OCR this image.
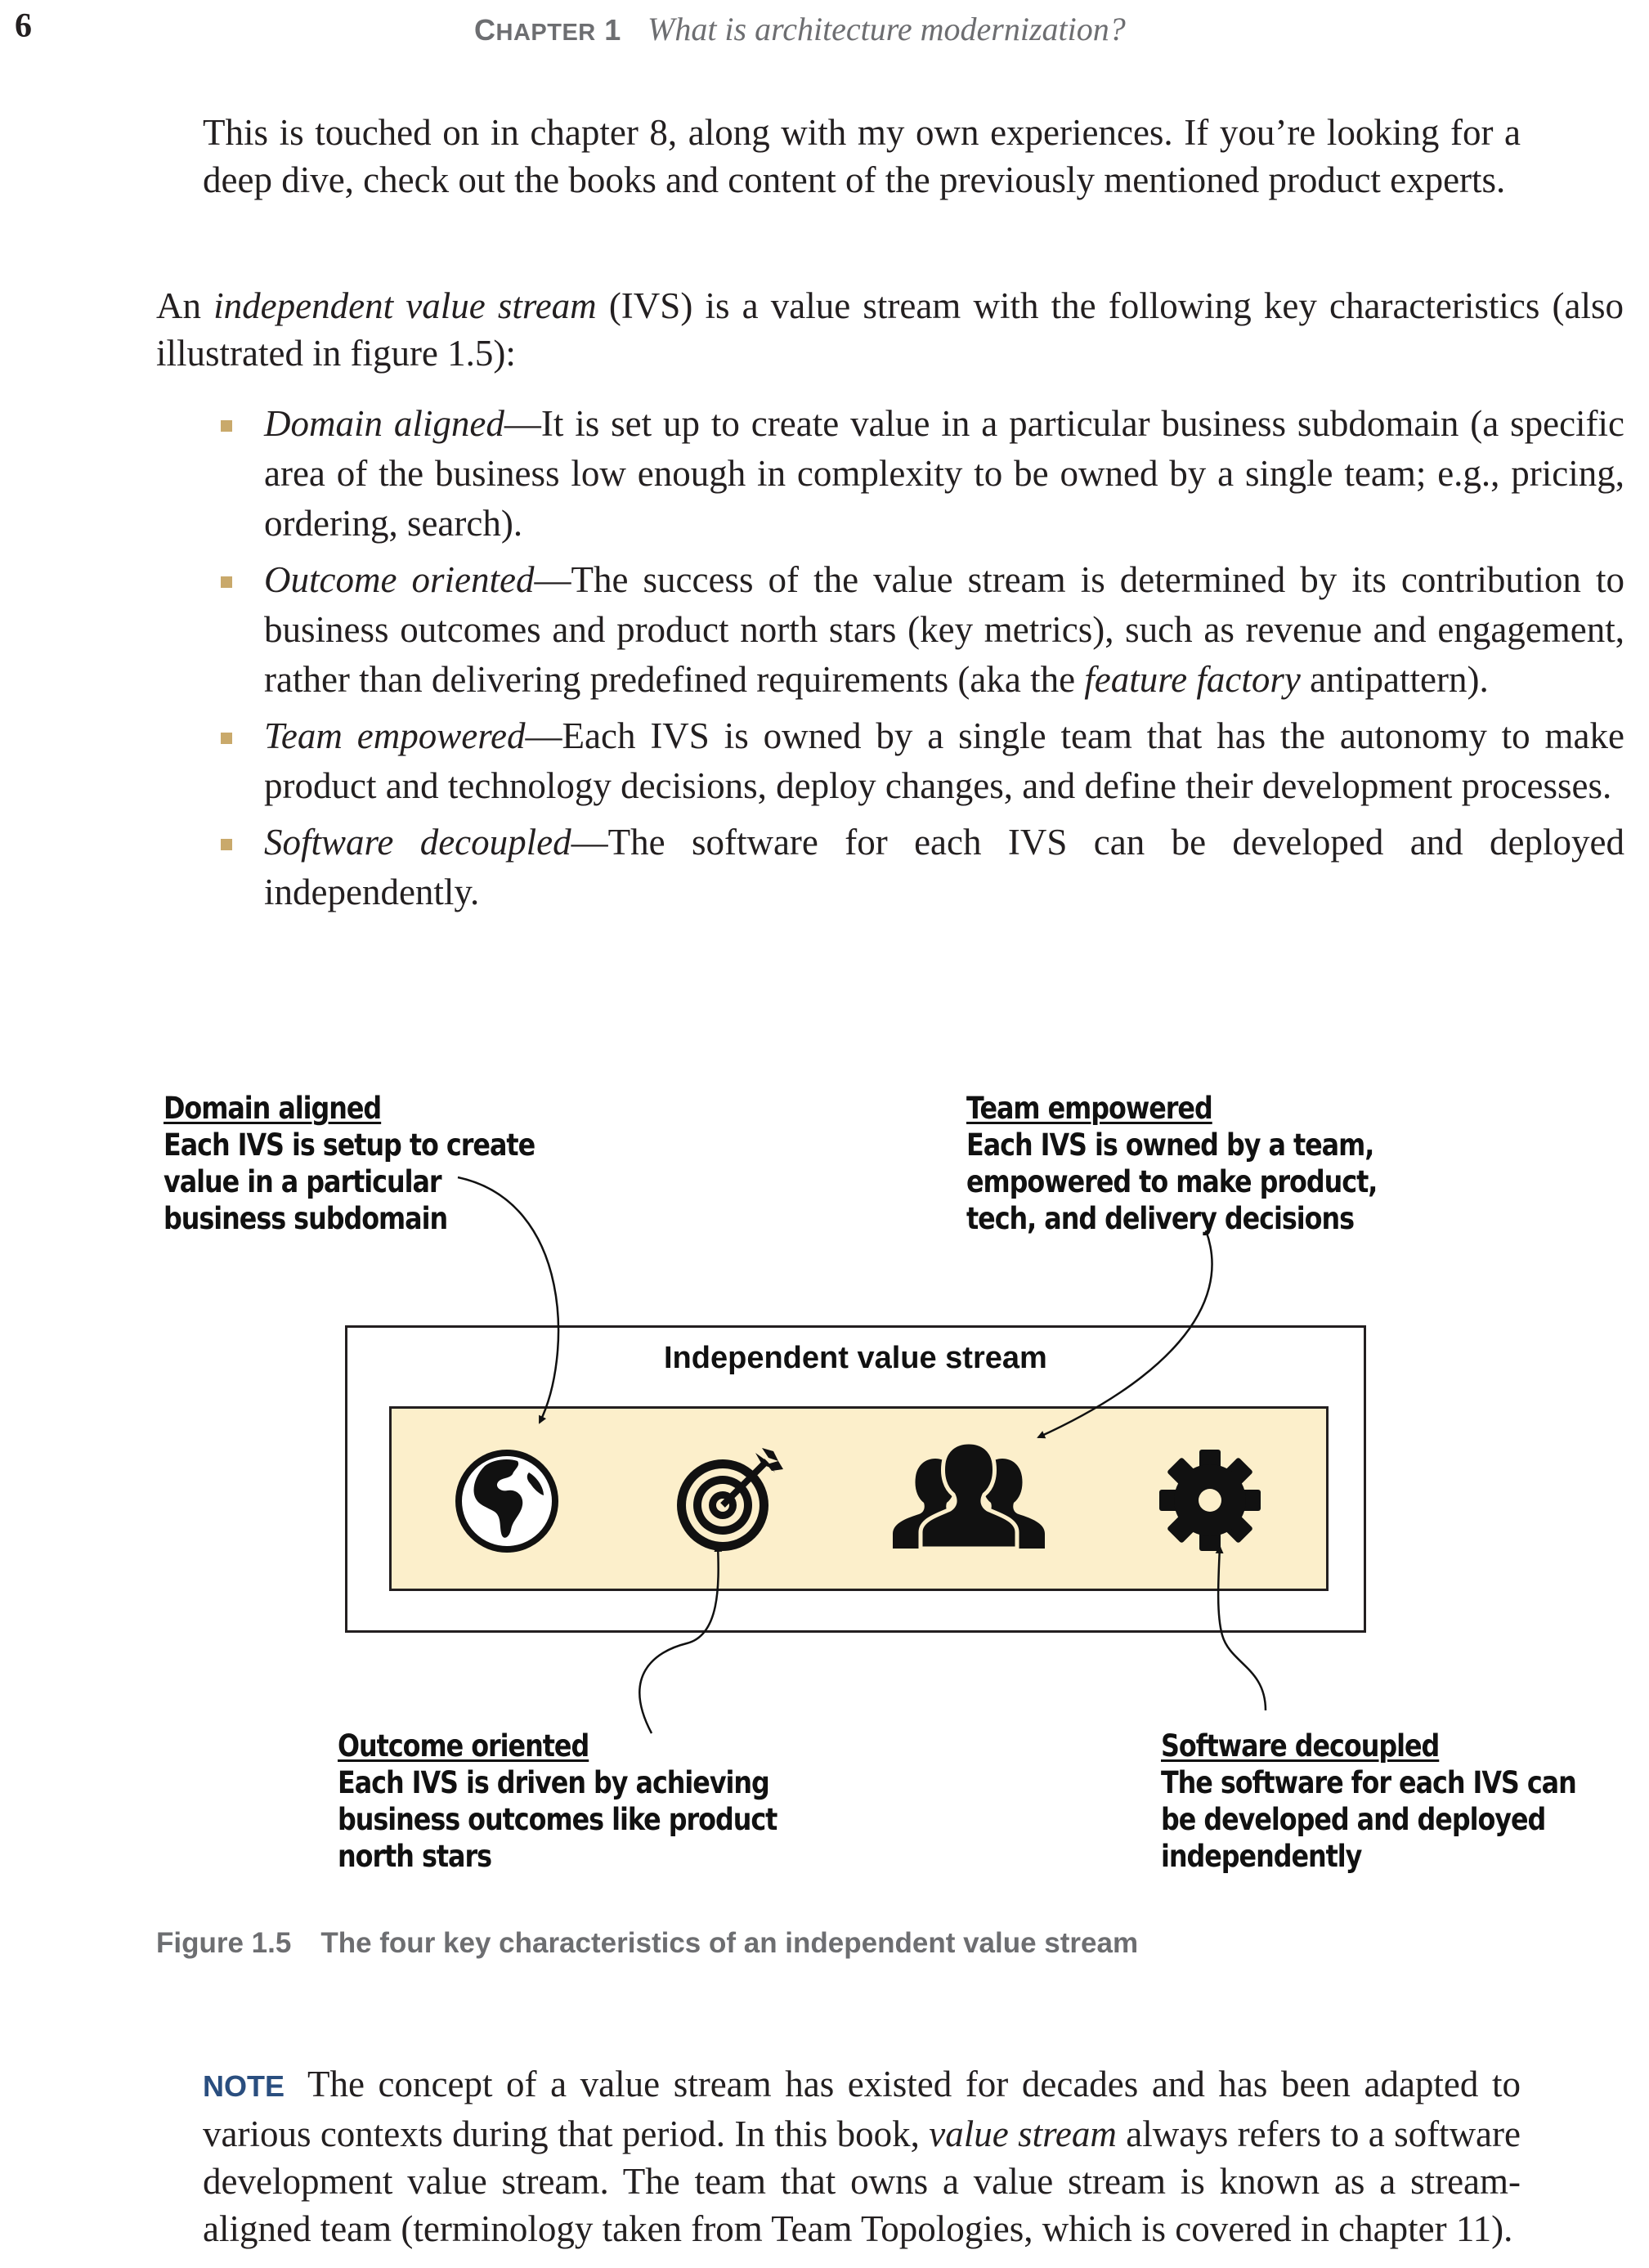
6	CHAPTER 1 What is architecture modernization?

This is touched on in chapter 8, along with my own experiences. If you’re looking for a deep dive, check out the books and content of the previously mentioned product experts.

An independent value stream (IVS) is a value stream with the following key characteristics (also illustrated in figure 1.5):

Domain aligned—It is set up to create value in a particular business subdomain (a specific area of the business low enough in complexity to be owned by a single team; e.g., pricing, ordering, search).
Outcome oriented—The success of the value stream is determined by its contribution to business outcomes and product north stars (key metrics), such as revenue and engagement, rather than delivering predefined requirements (aka the feature factory antipattern).
Team empowered—Each IVS is owned by a single team that has the autonomy to make product and technology decisions, deploy changes, and define their development processes.
Software decoupled—The software for each IVS can be developed and deployed independently.
Domain aligned
Each IVS is setup to create
value in a particular
business subdomain
Team empowered
Each IVS is owned by a team,
empowered to make product,
tech, and delivery decisions
Outcome oriented
Each IVS is driven by achieving
business outcomes like product
north stars
Software decoupled
The software for each IVS can
be developed and deployed
independently
Independent value stream
Figure 1.5 The four key characteristics of an independent value stream

NOTE The concept of a value stream has existed for decades and has been adapted to various contexts during that period. In this book, value stream always refers to a software development value stream. The team that owns a value stream is known as a stream-aligned team (terminology taken from Team Topologies, which is covered in chapter 11).
